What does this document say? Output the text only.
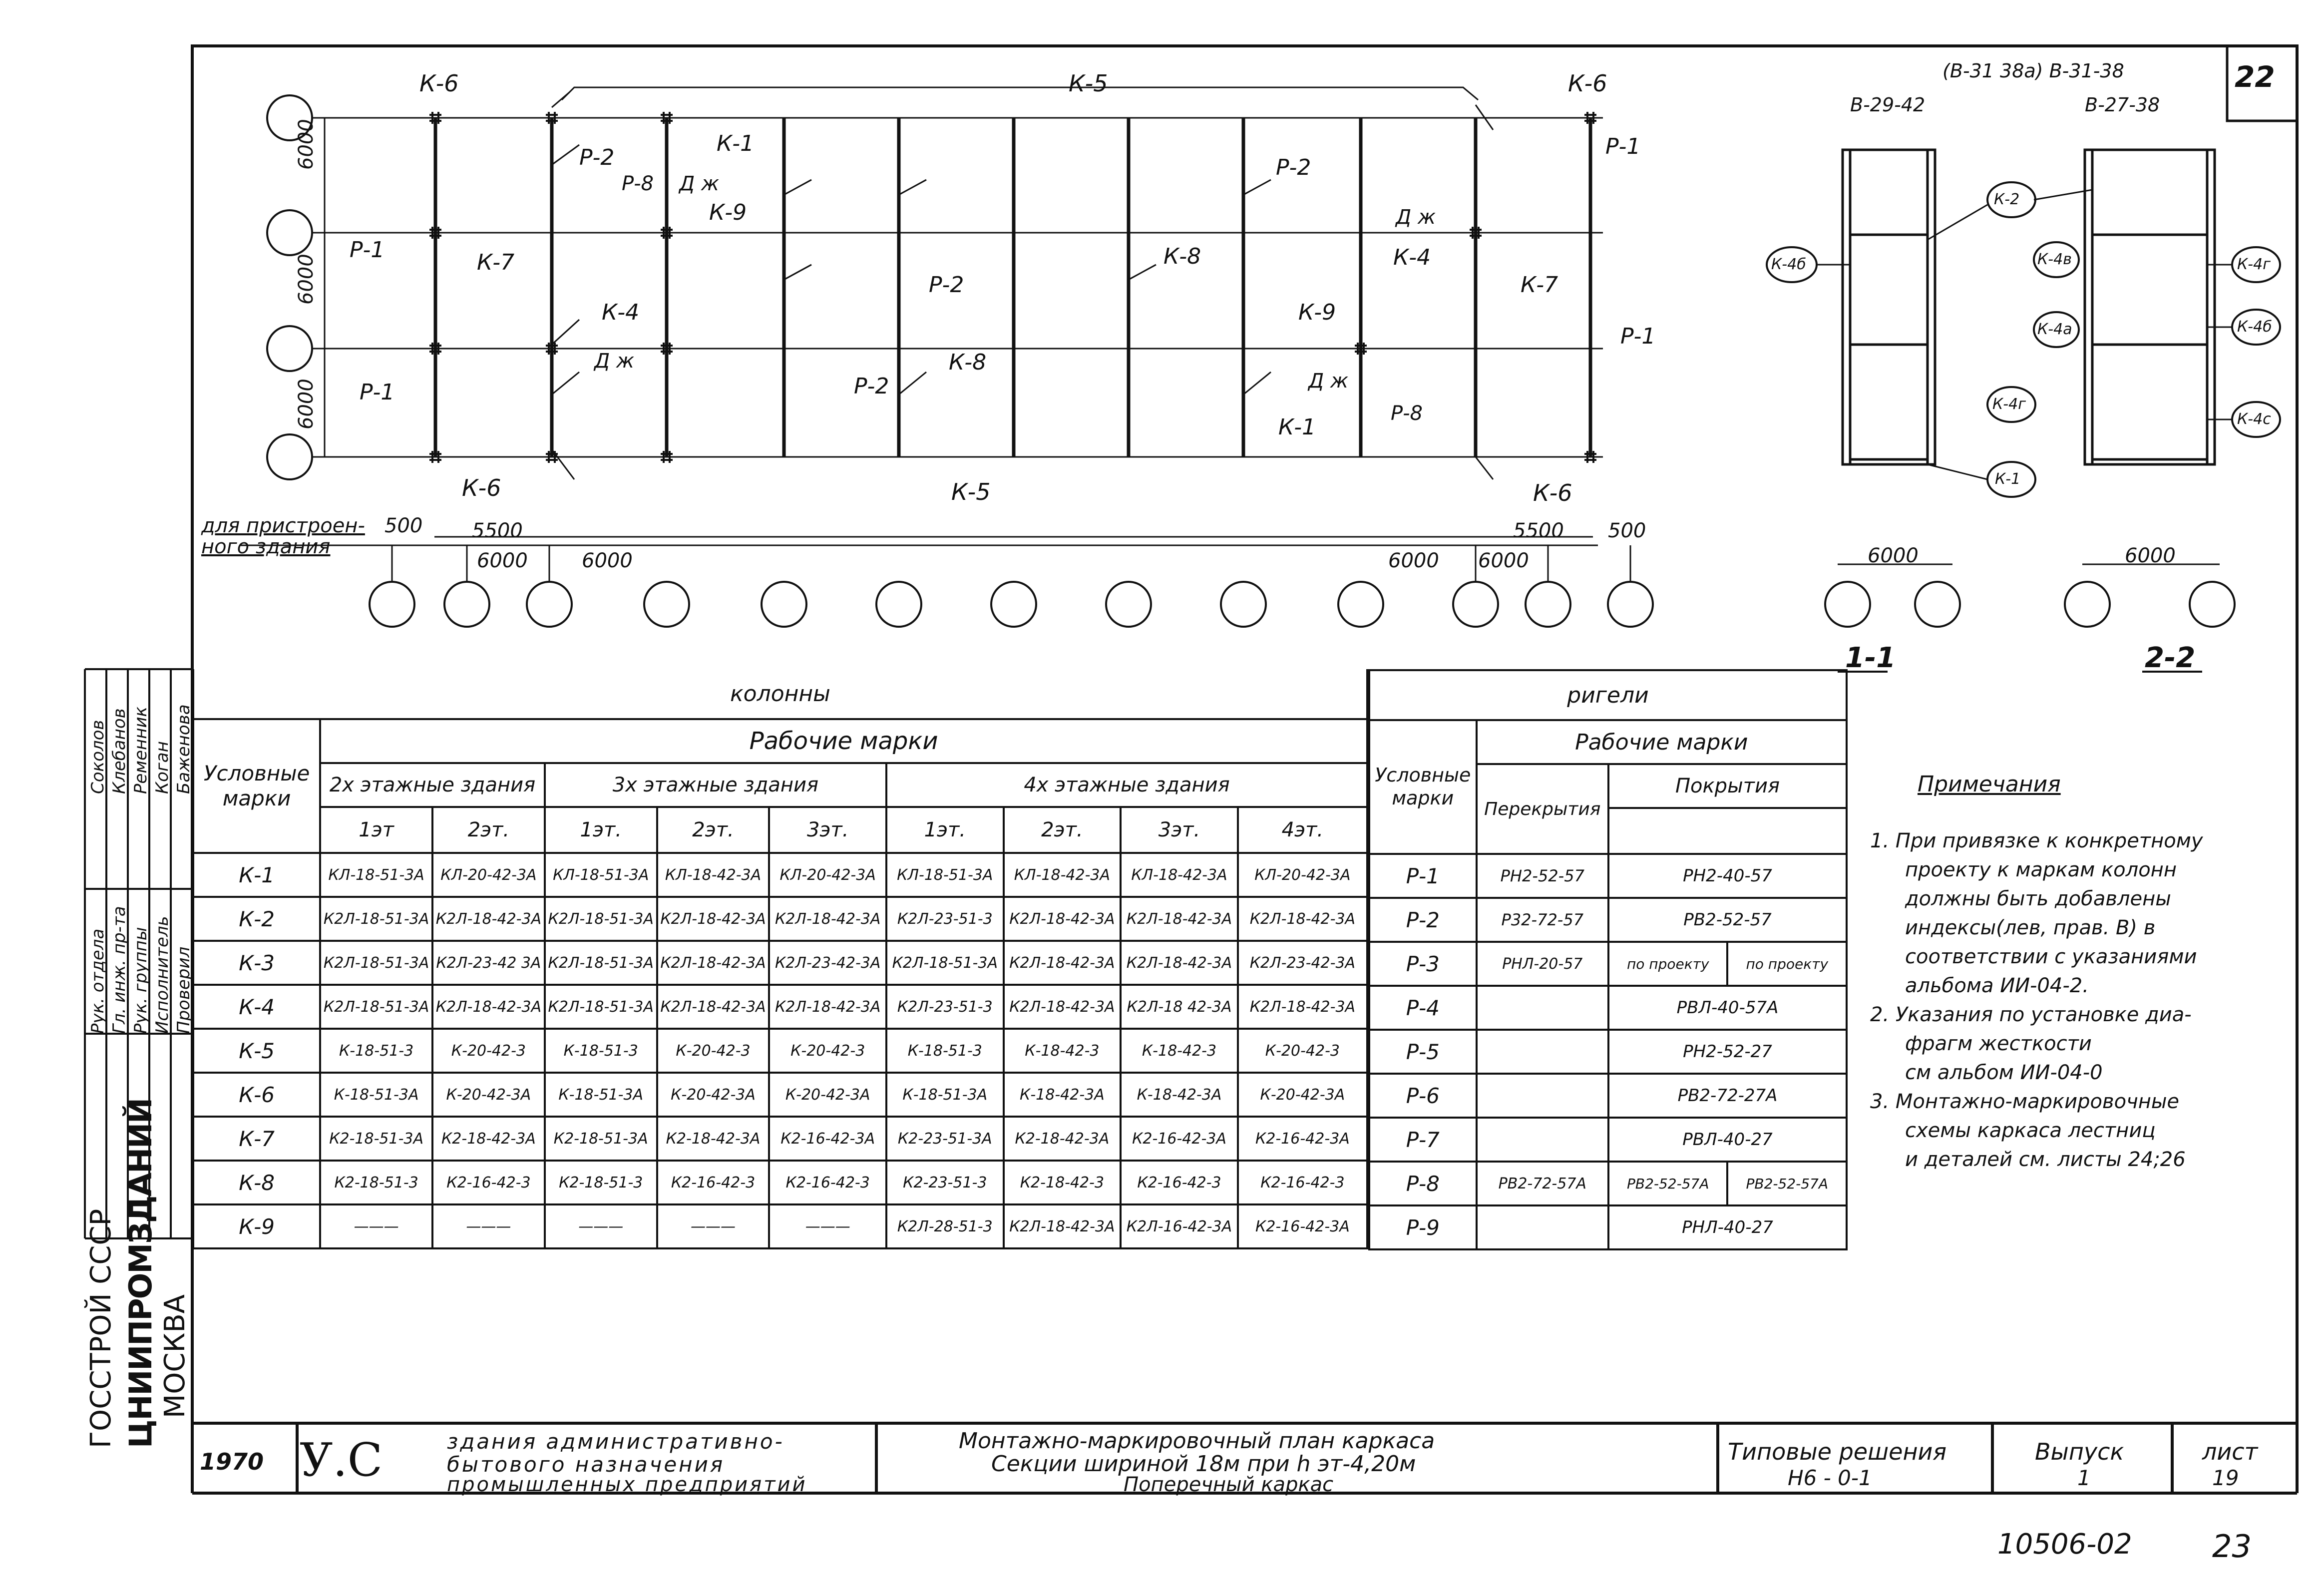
22
К-5
К-6	К-6
К-1
К-9
К-7
К-7
К-4
К-4
К-8
К-8
К-9
К-1
К-6	К-6
К-5
Р-2	Р-2
Р-2
Р-2
Р-8
Р-8
Р-1
Р-1
Р-1
Р-1
Д ж
Д ж
Д ж
Д ж
6000
6000
6000
для пристроен-
ного здания
500 5500
6000	6000	6000 6000
5500 500
(В-31 38а) В-31-38
В-29-42	В-27-38
К-4б
К-2
К-4в
К-4а
К-4г
К-1
К-4г
К-4б
К-4с
6000	6000
1-1	2-2
колонны									
Условные марки	Рабочие марки								
	2х этажные здания		3х этажные здания			4х этажные здания			
	1эт	2эт.	1эт.	2эт.	3эт.	1эт.	2эт.	3эт.	4эт.
К-1	КЛ-18-51-3А	КЛ-20-42-3А	КЛ-18-51-3А	КЛ-18-42-3А	КЛ-20-42-3А	КЛ-18-51-3А	КЛ-18-42-3А	КЛ-18-42-3А	КЛ-20-42-3А
К-2	К2Л-18-51-3А	К2Л-18-42-3А	К2Л-18-51-3А	К2Л-18-42-3А	К2Л-18-42-3А	К2Л-23-51-3	К2Л-18-42-3А	К2Л-18-42-3А	К2Л-18-42-3А
К-3	К2Л-18-51-3А	К2Л-23-42 3А	К2Л-18-51-3А	К2Л-18-42-3А	К2Л-23-42-3А	К2Л-18-51-3А	К2Л-18-42-3А	К2Л-18-42-3А	К2Л-23-42-3А
К-4	К2Л-18-51-3А	К2Л-18-42-3А	К2Л-18-51-3А	К2Л-18-42-3А	К2Л-18-42-3А	К2Л-23-51-3	К2Л-18-42-3А	К2Л-18 42-3А	К2Л-18-42-3А
К-5	К-18-51-3	К-20-42-3	К-18-51-3	К-20-42-3	К-20-42-3	К-18-51-3	К-18-42-3	К-18-42-3	К-20-42-3
К-6	К-18-51-3А	К-20-42-3А	К-18-51-3А	К-20-42-3А	К-20-42-3А	К-18-51-3А	К-18-42-3А	К-18-42-3А	К-20-42-3А
К-7	К2-18-51-3А	К2-18-42-3А	К2-18-51-3А	К2-18-42-3А	К2-16-42-3А	К2-23-51-3А	К2-18-42-3А	К2-16-42-3А	К2-16-42-3А
К-8	К2-18-51-3	К2-16-42-3	К2-18-51-3	К2-16-42-3	К2-16-42-3	К2-23-51-3	К2-18-42-3	К2-16-42-3	К2-16-42-3
К-9	———	———	———	———	———	К2Л-28-51-3	К2Л-18-42-3А	К2Л-16-42-3А	К2-16-42-3А
ригели			
Условные марки	Рабочие марки		
	Перекрытия	Покрытия	

Р-1	РН2-52-57	РН2-40-57	
Р-2	Р32-72-57	РВ2-52-57	
Р-3	РНЛ-20-57	по проекту	по проекту
Р-4		РВЛ-40-57А	
Р-5		РН2-52-27	
Р-6		РВ2-72-27А	
Р-7		РВЛ-40-27	
Р-8	РВ2-72-57А	РВ2-52-57А	РВ2-52-57А
Р-9		РНЛ-40-27	
Примечания
1. При привязке к конкретному
проекту к маркам колонн
должны быть добавлены
индексы(лев, прав. В) в
соответствии с указаниями
альбома ИИ-04-2.
2. Указания по установке диа-
фрагм жесткости
см альбом ИИ-04-0
3. Монтажно-маркировочные
схемы каркаса лестниц
и деталей см. листы 24;26
Рук. отдела Гл. инж. пр-та Рук. группы Исполнитель Проверил
Соколов Клебанов Ременник Коган Баженова
ГОССТРОЙ СССР ЦНИИПРОМЗДАНИЙ МОСКВА
1970 У.С	здания административно-
бытового назначения
промышленных предприятий
Монтажно-маркировочный план каркаса
Секции шириной 18м при h эт-4,20м
Поперечный каркас
Типовые решения
Н6 - 0-1
Выпуск
1
лист
19
10506-02	23
